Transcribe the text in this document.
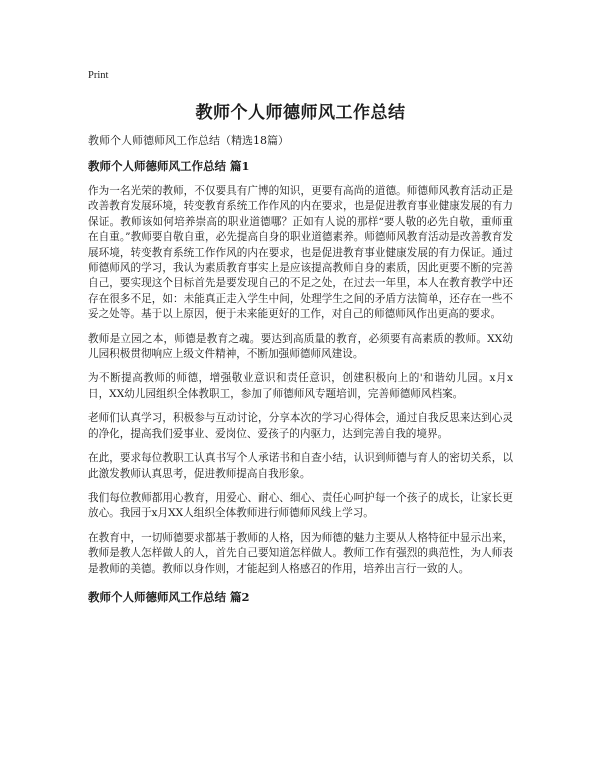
Print
教师个人师德师风工作总结

教师个人师德师风工作总结（精选18篇）

教师个人师德师风工作总结 篇1

作为一名光荣的教师，不仅要具有广博的知识，更要有高尚的道德。师德师风教育活动正是改善教育发展环境，转变教育系统工作作风的内在要求，也是促进教育事业健康发展的有力保证。教师该如何培养崇高的职业道德哪？正如有人说的那样“要人敬的必先自敬，重师重在自重。”教师要自敬自重，必先提高自身的职业道德素养。师德师风教育活动是改善教育发展环境，转变教育系统工作作风的内在要求，也是促进教育事业健康发展的有力保证。通过师德师风的学习，我认为素质教育事实上是应该提高教师自身的素质，因此更要不断的完善自己，要实现这个目标首先是要发现自己的不足之处，在过去一年里，本人在教育教学中还存在很多不足，如：未能真正走入学生中间，处理学生之间的矛盾方法简单，还存在一些不妥之处等。基于以上原因，便于未来能更好的工作，对自己的师德师风作出更高的要求。

教师是立园之本，师德是教育之魂。要达到高质量的教育，必须要有高素质的教师。XX幼儿园积极贯彻响应上级文件精神，不断加强师德师风建设。

为不断提高教师的师德，增强敬业意识和责任意识，创建积极向上的'和谐幼儿园。x月x日，XX幼儿园组织全体教职工，参加了师德师风专题培训，完善师德师风档案。

老师们认真学习，积极参与互动讨论，分享本次的学习心得体会，通过自我反思来达到心灵的净化，提高我们爱事业、爱岗位、爱孩子的内驱力，达到完善自我的境界。

在此，要求每位教职工认真书写个人承诺书和自查小结，认识到师德与育人的密切关系，以此激发教师认真思考，促进教师提高自我形象。

我们每位教师都用心教育，用爱心、耐心、细心、责任心呵护每一个孩子的成长，让家长更放心。我园于x月XX人组织全体教师进行师德师风线上学习。

在教育中，一切师德要求都基于教师的人格，因为师德的魅力主要从人格特征中显示出来，教师是教人怎样做人的人，首先自己要知道怎样做人。教师工作有强烈的典范性，为人师表是教师的美德。教师以身作则，才能起到人格感召的作用，培养出言行一致的人。

教师个人师德师风工作总结 篇2
